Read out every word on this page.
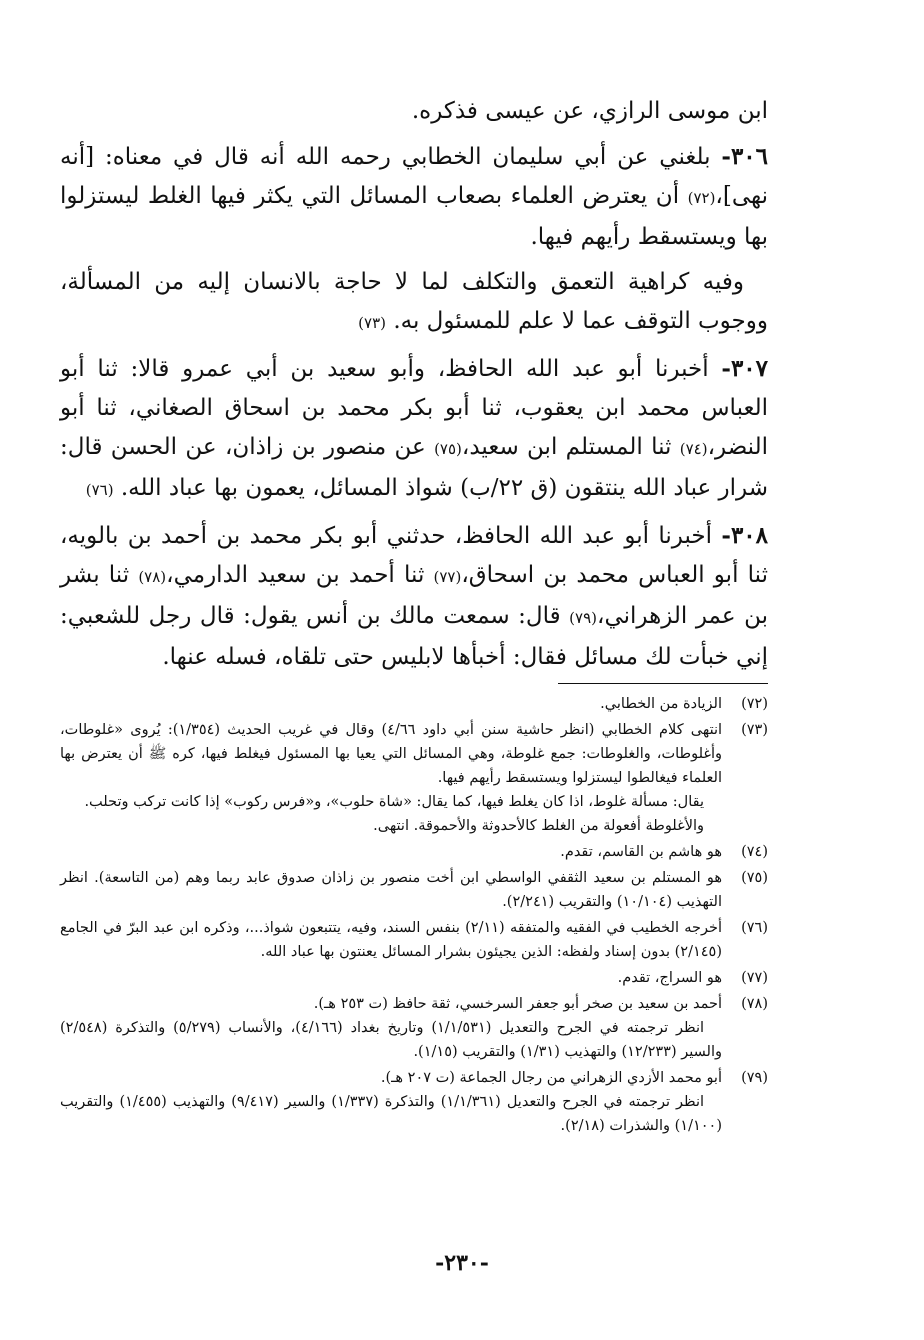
ابن موسى الرازي، عن عيسى فذكره.

٣٠٦- بلغني عن أبي سليمان الخطابي رحمه الله أنه قال في معناه: [أنه نهى]،(٧٢) أن يعترض العلماء بصعاب المسائل التي يكثر فيها الغلط ليستزلوا بها ويستسقط رأيهم فيها.

وفيه كراهية التعمق والتكلف لما لا حاجة بالانسان إليه من المسألة، ووجوب التوقف عما لا علم للمسئول به. (٧٣)

٣٠٧- أخبرنا أبو عبد الله الحافظ، وأبو سعيد بن أبي عمرو قالا: ثنا أبو العباس محمد ابن يعقوب، ثنا أبو بكر محمد بن اسحاق الصغاني، ثنا أبو النضر،(٧٤) ثنا المستلم ابن سعيد،(٧٥) عن منصور بن زاذان، عن الحسن قال: شرار عباد الله ينتقون (ق ٢٢/ب) شواذ المسائل، يعمون بها عباد الله. (٧٦)

٣٠٨- أخبرنا أبو عبد الله الحافظ، حدثني أبو بكر محمد بن أحمد بن بالويه، ثنا أبو العباس محمد بن اسحاق،(٧٧) ثنا أحمد بن سعيد الدارمي،(٧٨) ثنا بشر بن عمر الزهراني،(٧٩) قال: سمعت مالك بن أنس يقول: قال رجل للشعبي: إني خبأت لك مسائل فقال: أخبأها لابليس حتى تلقاه، فسله عنها.

(٧٢)

الزيادة من الخطابي.

(٧٣)

انتهى كلام الخطابي (انظر حاشية سنن أبي داود ٤/٦٦) وقال في غريب الحديث (١/٣٥٤): يُروى «غلوطات، وأغلوطات، والغلوطات: جمع غلوطة، وهي المسائل التي يعيا بها المسئول فيغلط فيها، كره ﷺ أن يعترض بها العلماء فيغالطوا ليستزلوا ويستسقط رأيهم فيها.

يقال: مسألة غلوط، اذا كان يغلط فيها، كما يقال: «شاة حلوب»، و«فرس ركوب» إذا كانت تركب وتحلب.

والأغلوطة أفعولة من الغلط كالأحدوثة والأحموقة. انتهى.

(٧٤)

هو هاشم بن القاسم، تقدم.

(٧٥)

هو المستلم بن سعيد الثقفي الواسطي ابن أخت منصور بن زاذان صدوق عابد ربما وهم (من التاسعة). انظر التهذيب (١٠/١٠٤) والتقريب (٢/٢٤١).

(٧٦)

أخرجه الخطيب في الفقيه والمتفقه (٢/١١) بنفس السند، وفيه، يتتبعون شواذ...، وذكره ابن عبد البرّ في الجامع (٢/١٤٥) بدون إسناد ولفظه: الذين يجيئون بشرار المسائل يعنتون بها عباد الله.

(٧٧)

هو السراج، تقدم.

(٧٨)

أحمد بن سعيد بن صخر أبو جعفر السرخسي، ثقة حافظ (ت ٢٥٣ هـ).

انظر ترجمته في الجرح والتعديل (١/١/٥٣١) وتاريخ بغداد (٤/١٦٦)، والأنساب (٥/٢٧٩) والتذكرة (٢/٥٤٨) والسير (١٢/٢٣٣) والتهذيب (١/٣١) والتقريب (١/١٥).

(٧٩)

أبو محمد الأزدي الزهراني من رجال الجماعة (ت ٢٠٧ هـ).

انظر ترجمته في الجرح والتعديل (١/١/٣٦١) والتذكرة (١/٣٣٧) والسير (٩/٤١٧) والتهذيب (١/٤٥٥) والتقريب (١/١٠٠) والشذرات (٢/١٨).

-٢٣٠-
